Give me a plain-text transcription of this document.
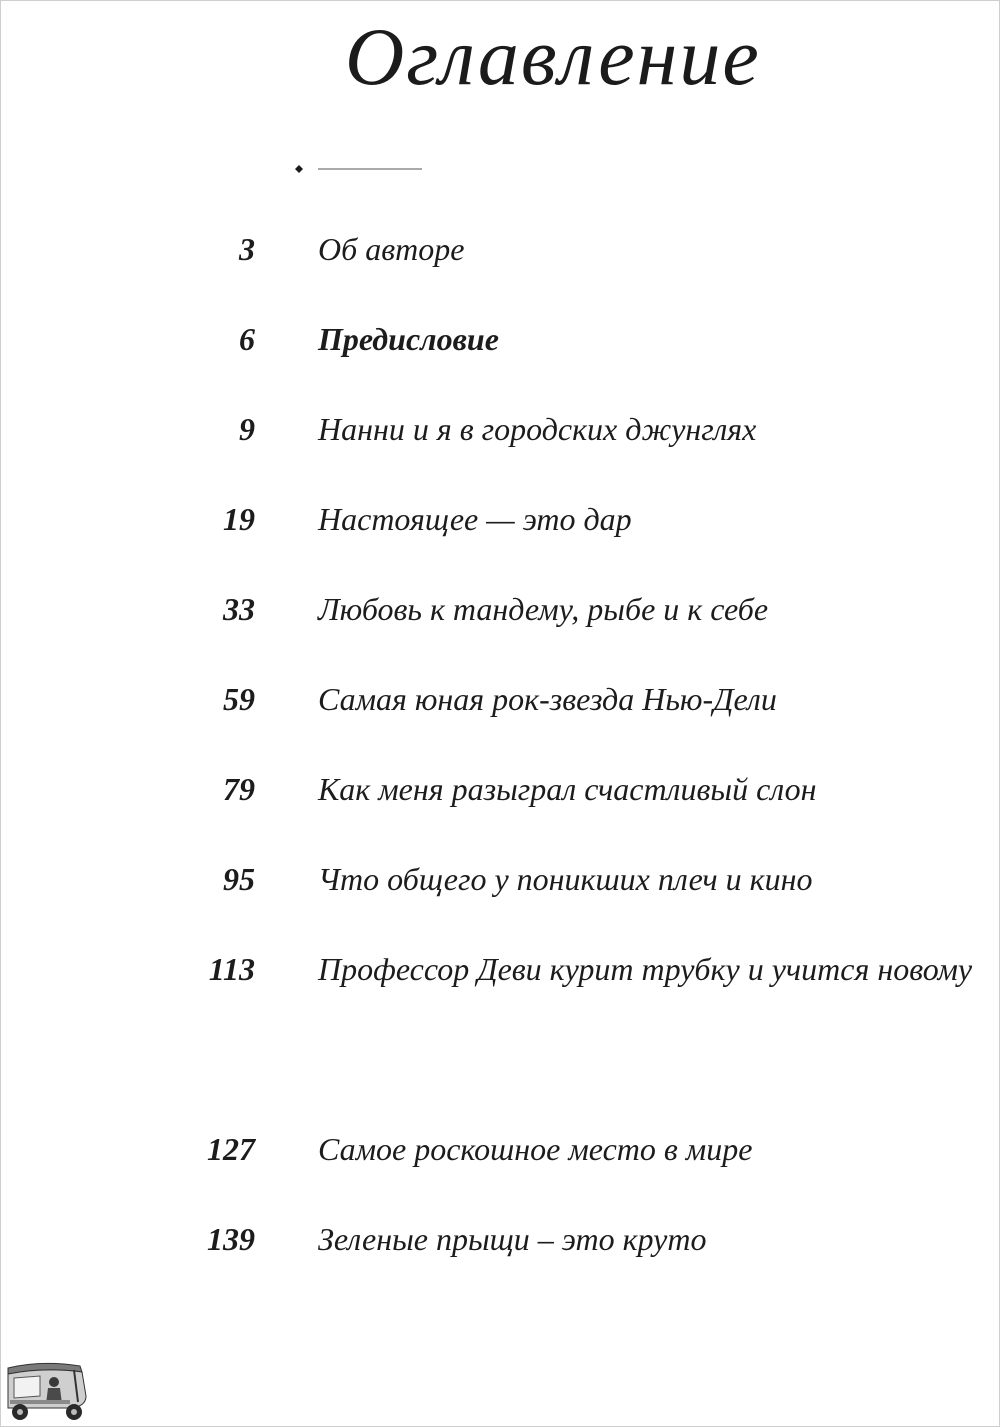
Оглавление
3 Об авторе
6 Предисловие
9 Нанни и я в городских джунглях
19 Настоящее — это дар
33 Любовь к тандему, рыбе и к себе
59 Самая юная рок-звезда Нью-Дели
79 Как меня разыграл счастливый слон
95 Что общего у поникших плеч и кино
113 Профессор Деви курит трубку и учится новому
127 Самое роскошное место в мире
139 Зеленые прыщи – это круто
